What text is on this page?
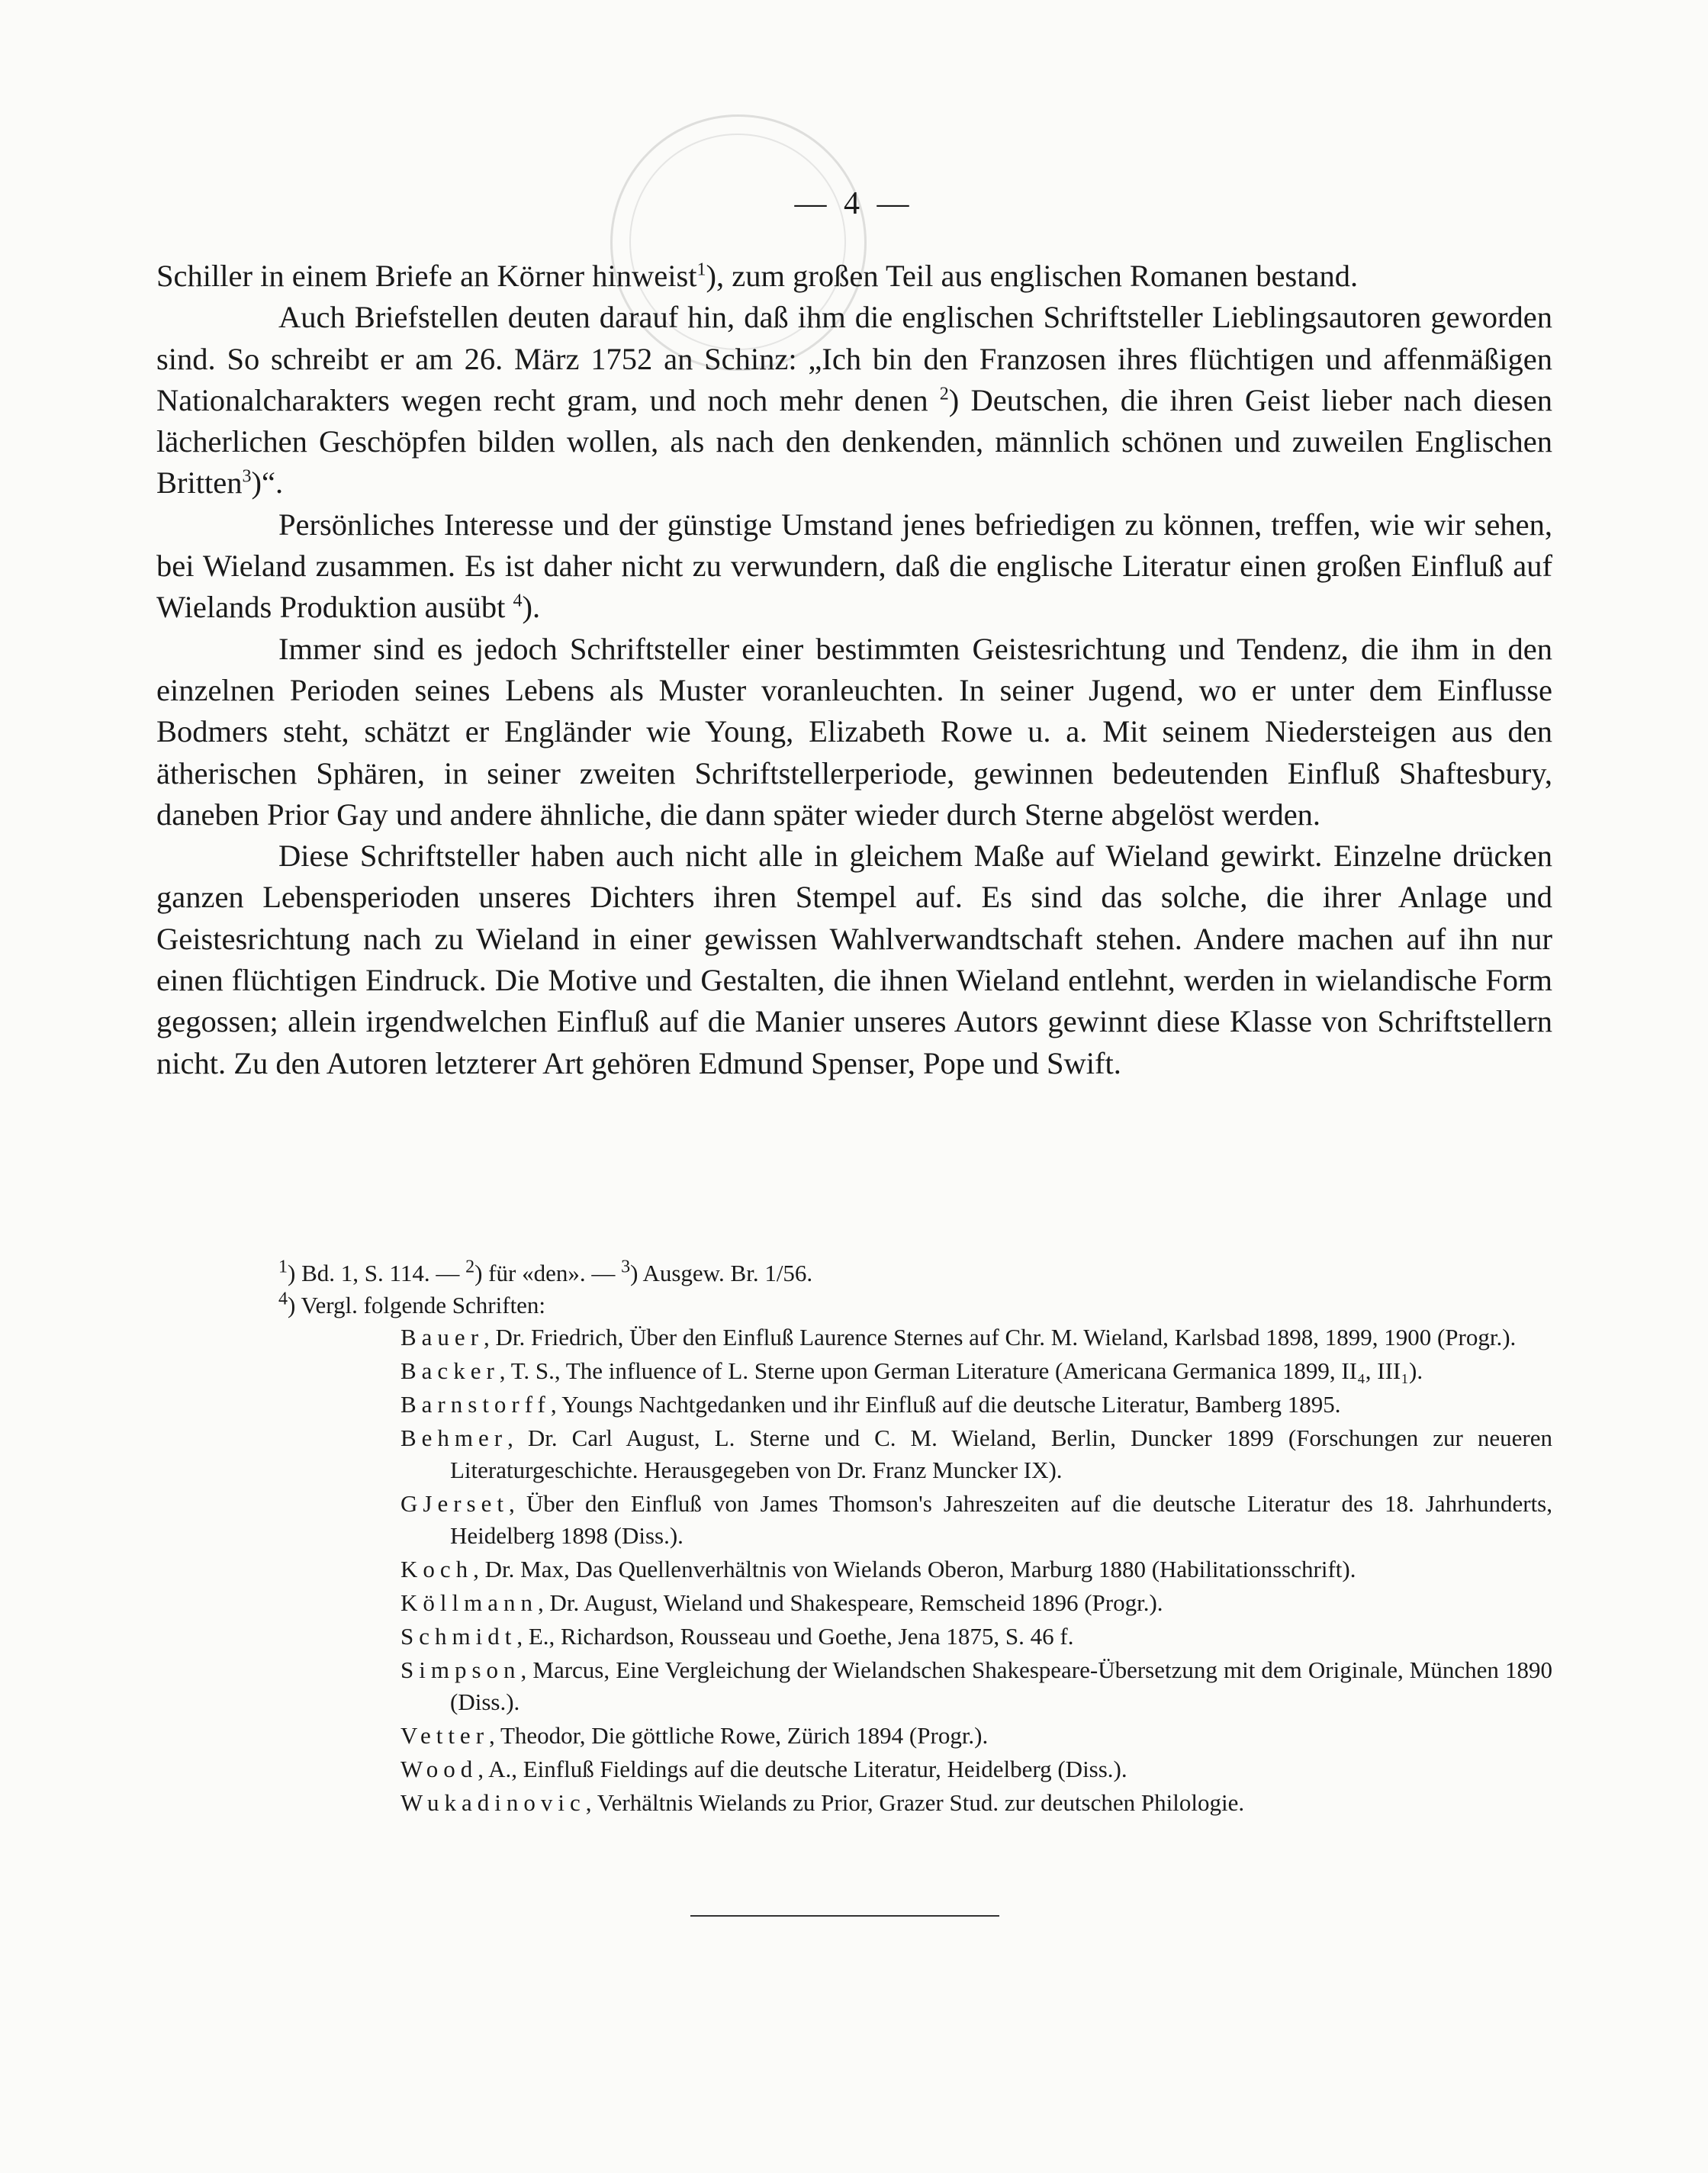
— 4 —

Schiller in einem Briefe an Körner hinweist$^1$), zum großen Teil aus englischen Romanen bestand.

Auch Briefstellen deuten darauf hin, daß ihm die englischen Schriftsteller Lieblingsautoren geworden sind. So schreibt er am 26. März 1752 an Schinz: „Ich bin den Franzosen ihres flüchtigen und affenmäßigen Nationalcharakters wegen recht gram, und noch mehr denen $^2$) Deutschen, die ihren Geist lieber nach diesen lächerlichen Geschöpfen bilden wollen, als nach den denkenden, männlich schönen und zuweilen Englischen Britten$^3$)“.

Persönliches Interesse und der günstige Umstand jenes befriedigen zu können, treffen, wie wir sehen, bei Wieland zusammen. Es ist daher nicht zu verwundern, daß die englische Literatur einen großen Einfluß auf Wielands Produktion ausübt $^4$).

Immer sind es jedoch Schriftsteller einer bestimmten Geistesrichtung und Tendenz, die ihm in den einzelnen Perioden seines Lebens als Muster voranleuchten. In seiner Jugend, wo er unter dem Einflusse Bodmers steht, schätzt er Engländer wie Young, Elizabeth Rowe u. a. Mit seinem Niedersteigen aus den ätherischen Sphären, in seiner zweiten Schriftstellerperiode, gewinnen bedeutenden Einfluß Shaftesbury, daneben Prior Gay und andere ähnliche, die dann später wieder durch Sterne abgelöst werden.

Diese Schriftsteller haben auch nicht alle in gleichem Maße auf Wieland gewirkt. Einzelne drücken ganzen Lebensperioden unseres Dichters ihren Stempel auf. Es sind das solche, die ihrer Anlage und Geistesrichtung nach zu Wieland in einer gewissen Wahlverwandtschaft stehen. Andere machen auf ihn nur einen flüchtigen Eindruck. Die Motive und Gestalten, die ihnen Wieland entlehnt, werden in wielandische Form gegossen; allein irgendwelchen Einfluß auf die Manier unseres Autors gewinnt diese Klasse von Schriftstellern nicht. Zu den Autoren letzterer Art gehören Edmund Spenser, Pope und Swift.

$^1$) Bd. 1, S. 114. — $^2$) für «den». — $^3$) Ausgew. Br. 1/56.

$^4$) Vergl. folgende Schriften:

Bauer, Dr. Friedrich, Über den Einfluß Laurence Sternes auf Chr. M. Wieland, Karlsbad 1898, 1899, 1900 (Progr.).

Backer, T. S., The influence of L. Sterne upon German Literature (Americana Germanica 1899, II₄, III₁).

Barnstorff, Youngs Nachtgedanken und ihr Einfluß auf die deutsche Literatur, Bamberg 1895.

Behmer, Dr. Carl August, L. Sterne und C. M. Wieland, Berlin, Duncker 1899 (Forschungen zur neueren Literaturgeschichte. Herausgegeben von Dr. Franz Muncker IX).

GJerset, Über den Einfluß von James Thomson's Jahreszeiten auf die deutsche Literatur des 18. Jahrhunderts, Heidelberg 1898 (Diss.).

Koch, Dr. Max, Das Quellenverhältnis von Wielands Oberon, Marburg 1880 (Habilitationsschrift).

Köllmann, Dr. August, Wieland und Shakespeare, Remscheid 1896 (Progr.).

Schmidt, E., Richardson, Rousseau und Goethe, Jena 1875, S. 46 f.

Simpson, Marcus, Eine Vergleichung der Wielandschen Shakespeare-Übersetzung mit dem Originale, München 1890 (Diss.).

Vetter, Theodor, Die göttliche Rowe, Zürich 1894 (Progr.).

Wood, A., Einfluß Fieldings auf die deutsche Literatur, Heidelberg (Diss.).

Wukadinovic, Verhältnis Wielands zu Prior, Grazer Stud. zur deutschen Philologie.
